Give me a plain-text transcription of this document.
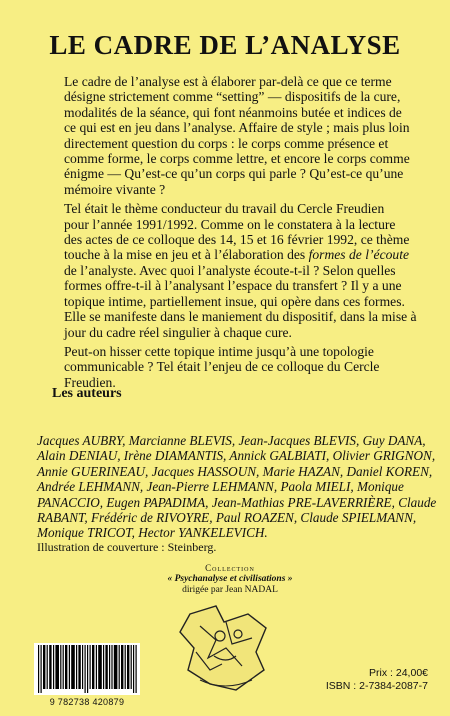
LE CADRE DE L’ANALYSE

Le cadre de l’analyse est à élaborer par-delà ce que ce terme
désigne strictement comme “setting” — dispositifs de la cure,
modalités de la séance, qui font néanmoins butée et indices de
ce qui est en jeu dans l’analyse. Affaire de style ; mais plus loin
directement question du corps : le corps comme présence et
comme forme, le corps comme lettre, et encore le corps comme
énigme — Qu’est-ce qu’un corps qui parle ? Qu’est-ce qu’une
mémoire vivante ?

Tel était le thème conducteur du travail du Cercle Freudien
pour l’année 1991/1992. Comme on le constatera à la lecture
des actes de ce colloque des 14, 15 et 16 février 1992, ce thème
touche à la mise en jeu et à l’élaboration des formes de l’écoute
de l’analyste. Avec quoi l’analyste écoute-t-il ? Selon quelles
formes offre-t-il à l’analysant l’espace du transfert ? Il y a une
topique intime, partiellement insue, qui opère dans ces formes.
Elle se manifeste dans le maniement du dispositif, dans la mise à
jour du cadre réel singulier à chaque cure.

Peut-on hisser cette topique intime jusqu’à une topologie
communicable ? Tel était l’enjeu de ce colloque du Cercle
Freudien.

Les auteurs
Jacques AUBRY, Marcianne BLEVIS, Jean-Jacques BLEVIS, Guy DANA,
Alain DENIAU, Irène DIAMANTIS, Annick GALBIATI, Olivier GRIGNON,
Annie GUERINEAU, Jacques HASSOUN, Marie HAZAN, Daniel KOREN,
Andrée LEHMANN, Jean-Pierre LEHMANN, Paola MIELI, Monique
PANACCIO, Eugen PAPADIMA, Jean-Mathias PRE-LAVERRIÈRE, Claude
RABANT, Frédéric de RIVOYRE, Paul ROAZEN, Claude SPIELMANN,
Monique TRICOT, Hector YANKELEVICH.
Illustration de couverture : Steinberg.
Collection
« Psychanalyse et civilisations »
dirigée par Jean NADAL
9 782738 420879
Prix : 24,00€
ISBN : 2-7384-2087-7
